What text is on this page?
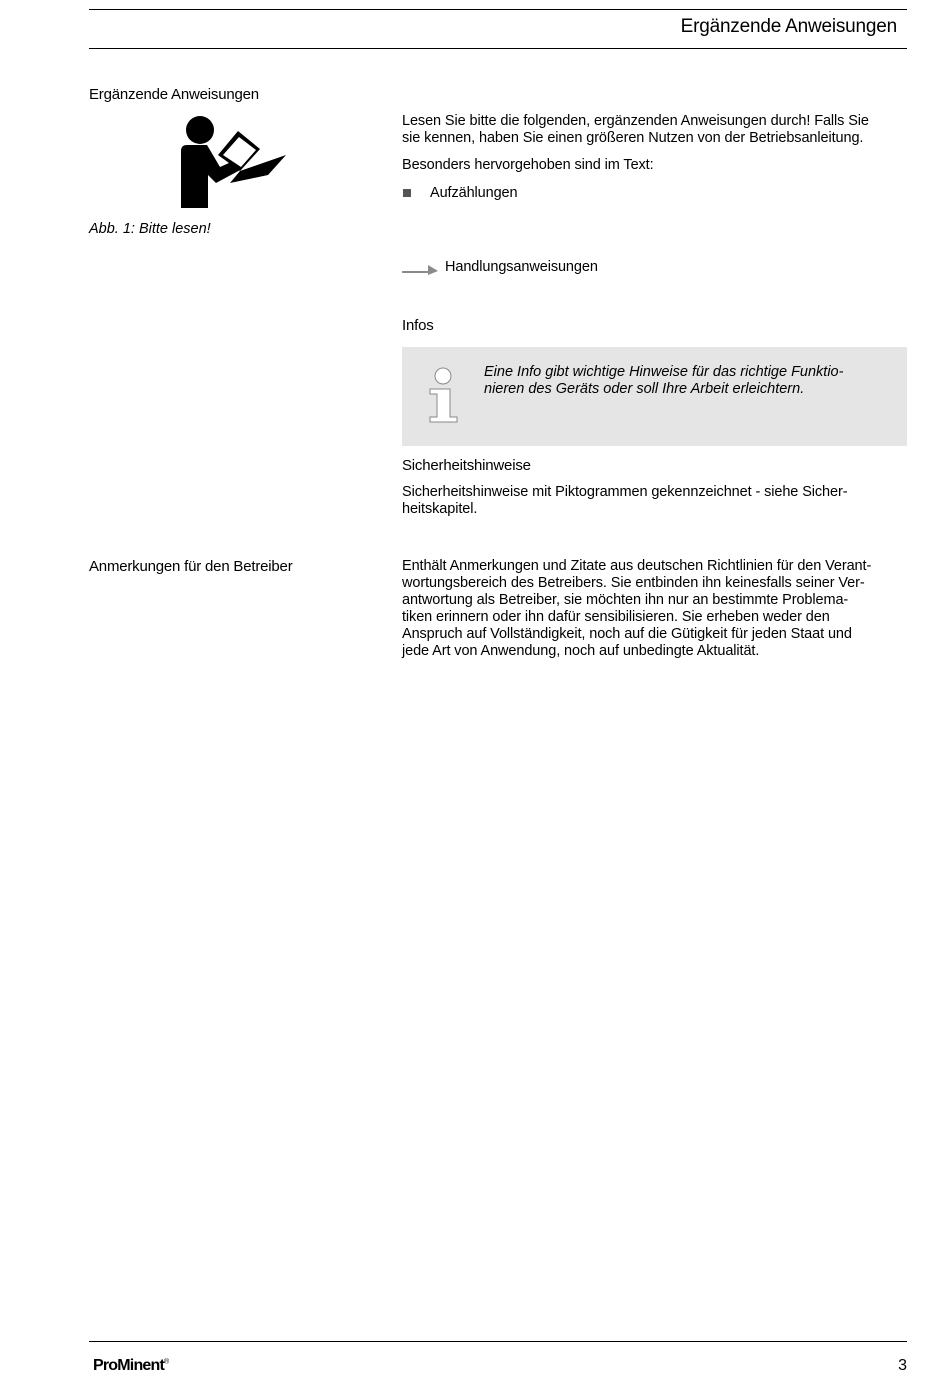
Ergänzende Anweisungen
Ergänzende Anweisungen
Abb. 1: Bitte lesen!
Lesen Sie bitte die folgenden, ergänzenden Anweisungen durch! Falls Sie
sie kennen, haben Sie einen größeren Nutzen von der Betriebsanleitung.
Besonders hervorgehoben sind im Text:
Aufzählungen
Handlungsanweisungen
Infos
Eine Info gibt wichtige Hinweise für das richtige Funktio-
nieren des Geräts oder soll Ihre Arbeit erleichtern.
Sicherheitshinweise
Sicherheitshinweise mit Piktogrammen gekennzeichnet - siehe Sicher-
heitskapitel.
Anmerkungen für den Betreiber	Enthält Anmerkungen und Zitate aus deutschen Richtlinien für den Verant-
wortungsbereich des Betreibers. Sie entbinden ihn keinesfalls seiner Ver-
antwortung als Betreiber, sie möchten ihn nur an bestimmte Problema-
tiken erinnern oder ihn dafür sensibilisieren. Sie erheben weder den
Anspruch auf Vollständigkeit, noch auf die Gütigkeit für jeden Staat und
jede Art von Anwendung, noch auf unbedingte Aktualität.
ProMinent®	3
